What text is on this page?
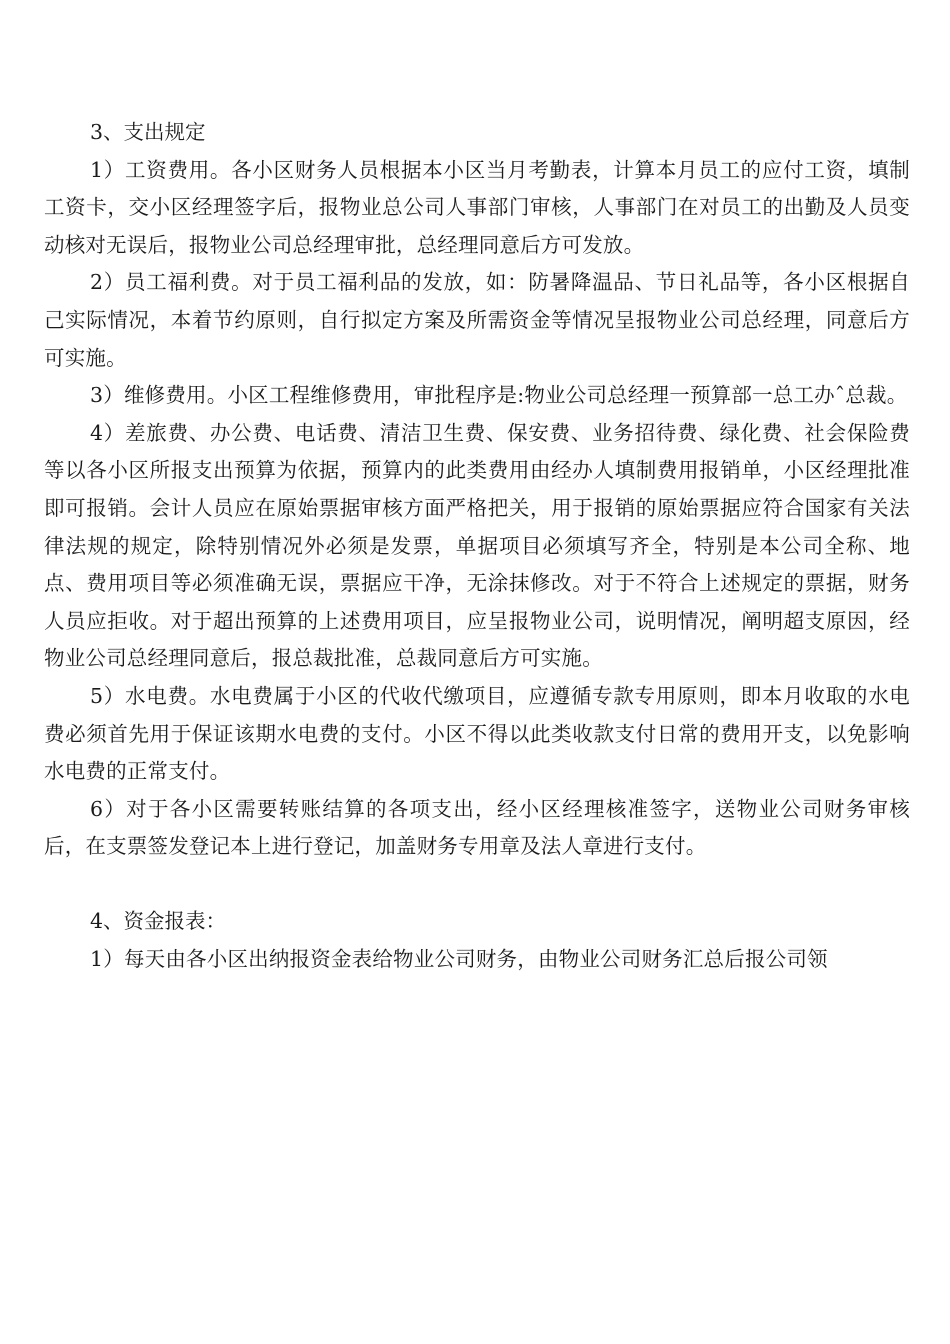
3、支出规定

1）工资费用。各小区财务人员根据本小区当月考勤表，计算本月员工的应付工资，填制工资卡，交小区经理签字后，报物业总公司人事部门审核，人事部门在对员工的出勤及人员变动核对无误后，报物业公司总经理审批，总经理同意后方可发放。

2）员工福利费。对于员工福利品的发放，如：防暑降温品、节日礼品等，各小区根据自己实际情况，本着节约原则，自行拟定方案及所需资金等情况呈报物业公司总经理，同意后方可实施。

3）维修费用。小区工程维修费用，审批程序是:物业公司总经理一预算部一总工办ˆ总裁。

4）差旅费、办公费、电话费、清洁卫生费、保安费、业务招待费、绿化费、社会保险费等以各小区所报支出预算为依据，预算内的此类费用由经办人填制费用报销单，小区经理批准即可报销。会计人员应在原始票据审核方面严格把关，用于报销的原始票据应符合国家有关法律法规的规定，除特别情况外必须是发票，单据项目必须填写齐全，特别是本公司全称、地点、费用项目等必须准确无误，票据应干净，无涂抹修改。对于不符合上述规定的票据，财务人员应拒收。对于超出预算的上述费用项目，应呈报物业公司，说明情况，阐明超支原因，经物业公司总经理同意后，报总裁批准，总裁同意后方可实施。

5）水电费。水电费属于小区的代收代缴项目，应遵循专款专用原则，即本月收取的水电费必须首先用于保证该期水电费的支付。小区不得以此类收款支付日常的费用开支，以免影响水电费的正常支付。

6）对于各小区需要转账结算的各项支出，经小区经理核准签字，送物业公司财务审核后，在支票签发登记本上进行登记，加盖财务专用章及法人章进行支付。

4、资金报表：

1）每天由各小区出纳报资金表给物业公司财务，由物业公司财务汇总后报公司领
